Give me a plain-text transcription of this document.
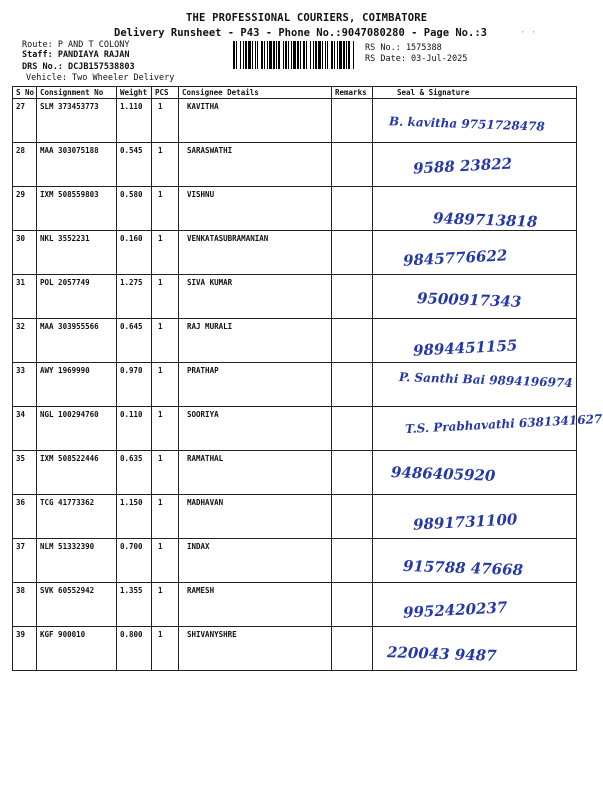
THE PROFESSIONAL COURIERS, COIMBATORE
Delivery Runsheet - P43 - Phone No.:9047080280 - Page No.:3	· ·
Route: P AND T COLONY
Staff: PANDIAYA RAJAN
DRS No.: DCJB157538803
Vehicle: Two Wheeler Delivery
RS No.: 1575388
RS Date: 03-Jul-2025
S No	Consignment No	Weight	PCS	Consignee Details	Remarks	Seal & Signature
27	SLM 373453773	1.110	1	KAVITHA		B. kavitha 9751728478

28	MAA 303075188	0.545	1	SARASWATHI		9588 23822

29	IXM 508559803	0.580	1	VISHNU		9489713818

30	NKL 3552231	0.160	1	VENKATASUBRAMANIAN		9845776622

31	POL 2057749	1.275	1	SIVA KUMAR		9500917343

32	MAA 303955566	0.645	1	RAJ MURALI		9894451155

33	AWY 1969990	0.970	1	PRATHAP		P. Santhi Bai 9894196974

34	NGL 100294760	0.110	1	SOORIYA		T.S. Prabhavathi 6381341627

35	IXM 508522446	0.635	1	RAMATHAL		9486405920

36	TCG 41773362	1.150	1	MADHAVAN		9891731100

37	NLM 51332390	0.700	1	INDAX		915788 47668

38	SVK 60552942	1.355	1	RAMESH		9952420237

39	KGF 900010	0.800	1	SHIVANYSHRE		220043 9487
